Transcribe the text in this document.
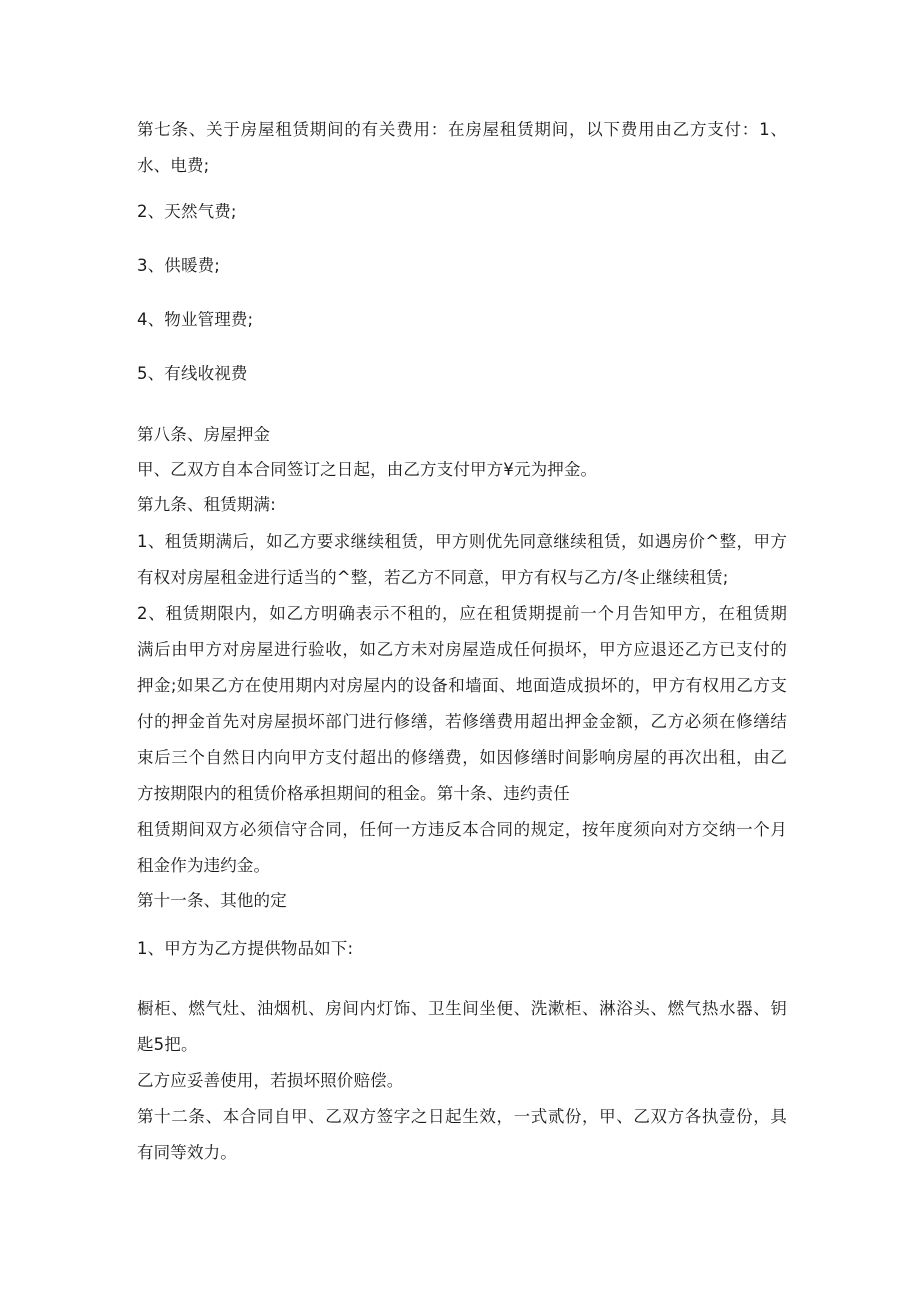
第七条、关于房屋租赁期间的有关费用：在房屋租赁期间，以下费用由乙方支付：1、
水、电费;
2、天然气费;
3、供暖费;
4、物业管理费;
5、有线收视费
第八条、房屋押金
甲、乙双方自本合同签订之日起，由乙方支付甲方¥元为押金。
第九条、租赁期满:
1、租赁期满后，如乙方要求继续租赁，甲方则优先同意继续租赁，如遇房价^整，甲方
有权对房屋租金进行适当的^整，若乙方不同意，甲方有权与乙方/冬止继续租赁;
2、租赁期限内，如乙方明确表示不租的，应在租赁期提前一个月告知甲方，在租赁期
满后由甲方对房屋进行验收，如乙方未对房屋造成任何损坏，甲方应退还乙方已支付的
押金;如果乙方在使用期内对房屋内的设备和墙面、地面造成损坏的，甲方有权用乙方支
付的押金首先对房屋损坏部门进行修缮，若修缮费用超出押金金额，乙方必须在修缮结
束后三个自然日内向甲方支付超出的修缮费，如因修缮时间影响房屋的再次出租，由乙
方按期限内的租赁价格承担期间的租金。第十条、违约责任
租赁期间双方必须信守合同，任何一方违反本合同的规定，按年度须向对方交纳一个月
租金作为违约金。
第十一条、其他的定
1、甲方为乙方提供物品如下:
橱柜、燃气灶、油烟机、房间内灯饰、卫生间坐便、洗漱柜、淋浴头、燃气热水器、钥
匙5把。
乙方应妥善使用，若损坏照价赔偿。
第十二条、本合同自甲、乙双方签字之日起生效，一式贰份，甲、乙双方各执壹份，具
有同等效力。
